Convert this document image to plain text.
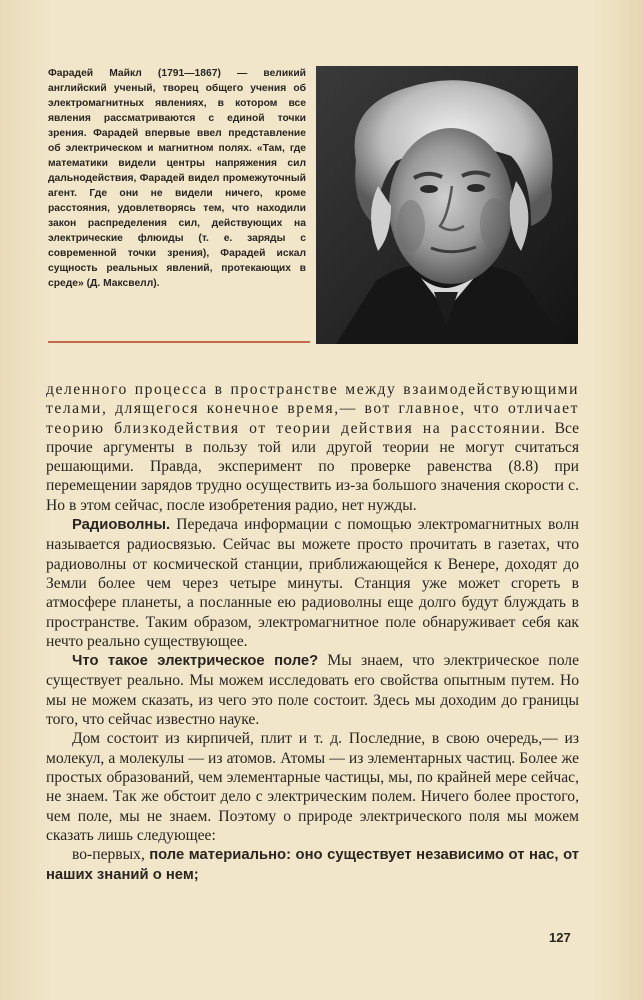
Фарадей Майкл (1791—1867) — великий английский ученый, творец общего учения об электромагнитных явлениях, в котором все явления рассматриваются с единой точки зрения. Фарадей впервые ввел представление об электрическом и магнитном полях. «Там, где математики видели центры напряжения сил дальнодействия, Фарадей видел промежуточный агент. Где они не видели ничего, кроме расстояния, удовлетворясь тем, что находили закон распределения сил, действующих на электрические флюиды (т. е. заряды с современной точки зрения), Фарадей искал сущность реальных явлений, протекающих в среде» (Д. Максвелл).

деленного процесса в пространстве между взаимодействующими телами, длящегося конечное время,— вот главное, что отличает теорию близкодействия от теории действия на расстоянии. Все прочие аргументы в пользу той или другой теории не могут считаться решающими. Правда, эксперимент по проверке равенства (8.8) при перемещении зарядов трудно осуществить из-за большого значения скорости с. Но в этом сейчас, после изобретения радио, нет нужды.

Радиоволны. Передача информации с помощью электромагнитных волн называется радиосвязью. Сейчас вы можете просто прочитать в газетах, что радиоволны от космической станции, приближающейся к Венере, доходят до Земли более чем через четыре минуты. Станция уже может сгореть в атмосфере планеты, а посланные ею радиоволны еще долго будут блуждать в пространстве. Таким образом, электромагнитное поле обнаруживает себя как нечто реально существующее.

Что такое электрическое поле? Мы знаем, что электрическое поле существует реально. Мы можем исследовать его свойства опытным путем. Но мы не можем сказать, из чего это поле состоит. Здесь мы доходим до границы того, что сейчас известно науке.

Дом состоит из кирпичей, плит и т. д. Последние, в свою очередь,— из молекул, а молекулы — из атомов. Атомы — из элементарных частиц. Более же простых образований, чем элементарные частицы, мы, по крайней мере сейчас, не знаем. Так же обстоит дело с электрическим полем. Ничего более простого, чем поле, мы не знаем. Поэтому о природе электрического поля мы можем сказать лишь следующее:

во-первых, поле материально: оно существует независимо от нас, от наших знаний о нем;

127
